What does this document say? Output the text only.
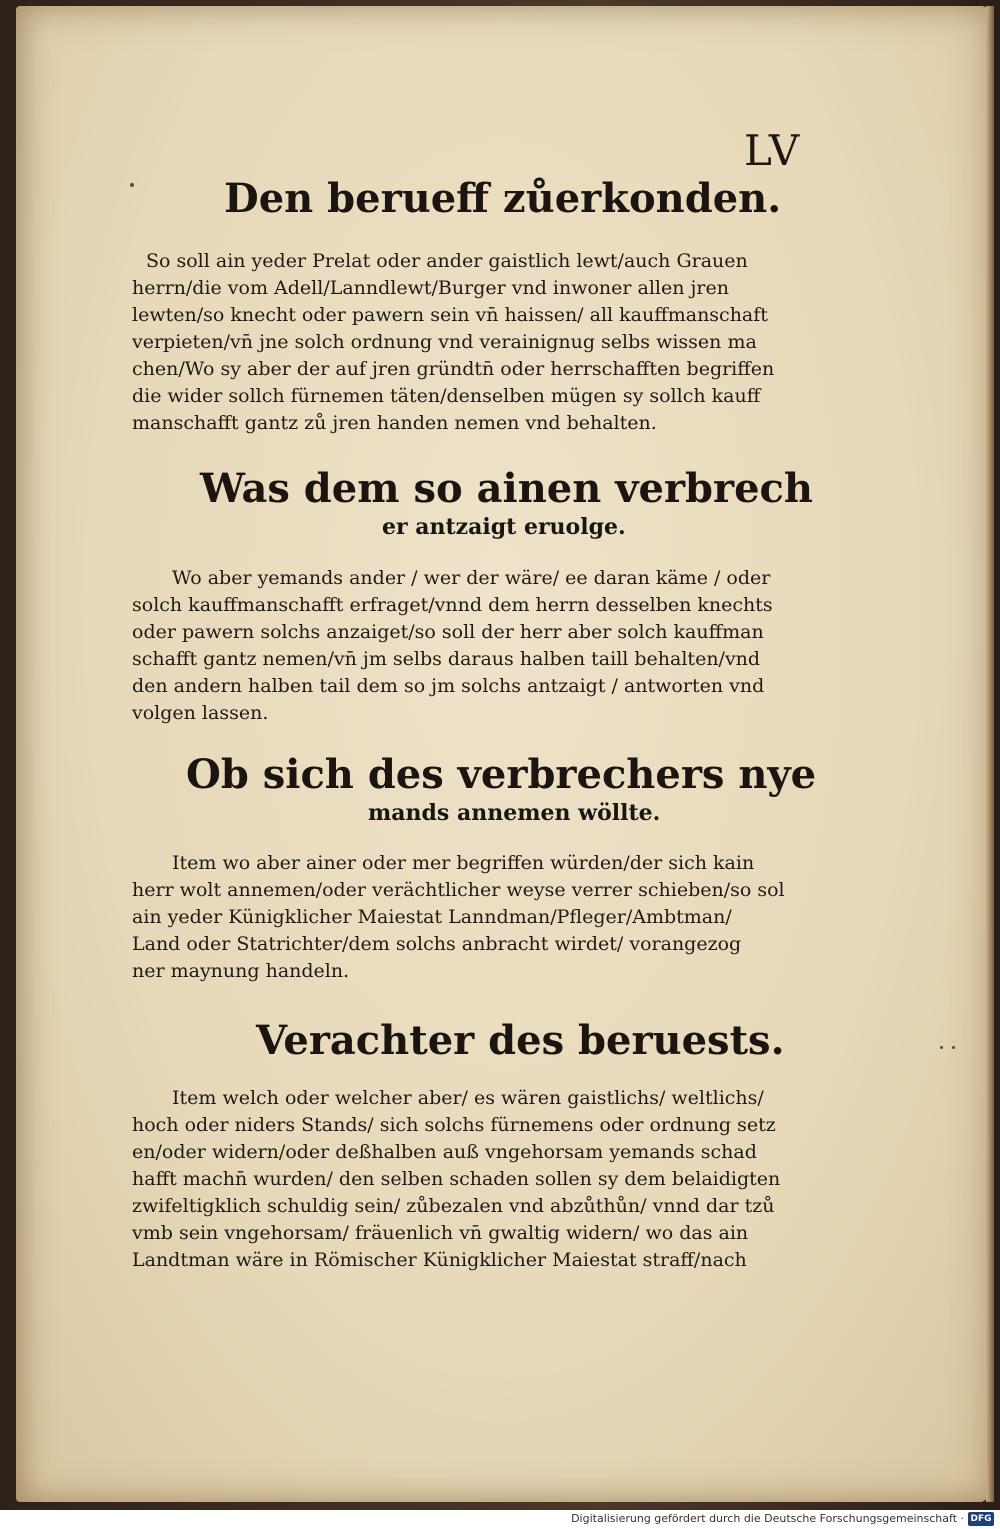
LV
Den berueff zůerkonden.
So soll ain yeder Prelat oder ander gaistlich lewt/auch Grauen
herrn/die vom Adell/Lanndlewt/Burger vnd inwoner allen jren
lewten/so knecht oder pawern sein vn̄ haissen/ all kauffmanschaft
verpieten/vn̄ jne solch ordnung vnd verainignug selbs wissen ma
chen/Wo sy aber der auf jren gründtn̄ oder herrschafften begriffen
die wider sollch fürnemen täten/denselben mügen sy sollch kauff
manschafft gantz zů jren handen nemen vnd behalten.
Was dem so ainen verbrech
er antzaigt eruolge.
Wo aber yemands ander / wer der wäre/ ee daran käme / oder
solch kauffmanschafft erfraget/vnnd dem herrn desselben knechts
oder pawern solchs anzaiget/so soll der herr aber solch kauffman
schafft gantz nemen/vn̄ jm selbs daraus halben taill behalten/vnd
den andern halben tail dem so jm solchs antzaigt / antworten vnd
volgen lassen.
Ob sich des verbrechers nye
mands annemen wöllte.
Item wo aber ainer oder mer begriffen würden/der sich kain
herr wolt annemen/oder verächtlicher weyse verrer schieben/so sol
ain yeder Künigklicher Maiestat Lanndman/Pfleger/Ambtman/
Land oder Statrichter/dem solchs anbracht wirdet/ vorangezog
ner maynung handeln.
Verachter des beruests.
Item welch oder welcher aber/ es wären gaistlichs/ weltlichs/
hoch oder niders Stands/ sich solchs fürnemens oder ordnung setz
en/oder widern/oder deßhalben auß vngehorsam yemands schad
hafft machn̄ wurden/ den selben schaden sollen sy dem belaidigten
zwifeltigklich schuldig sein/ zůbezalen vnd abzůthůn/ vnnd dar tzů
vmb sein vngehorsam/ fräuenlich vn̄ gwaltig widern/ wo das ain
Landtman wäre in Römischer Künigklicher Maiestat straff/nach
Digitalisierung gefördert durch die Deutsche Forschungsgemeinschaft · DFG
